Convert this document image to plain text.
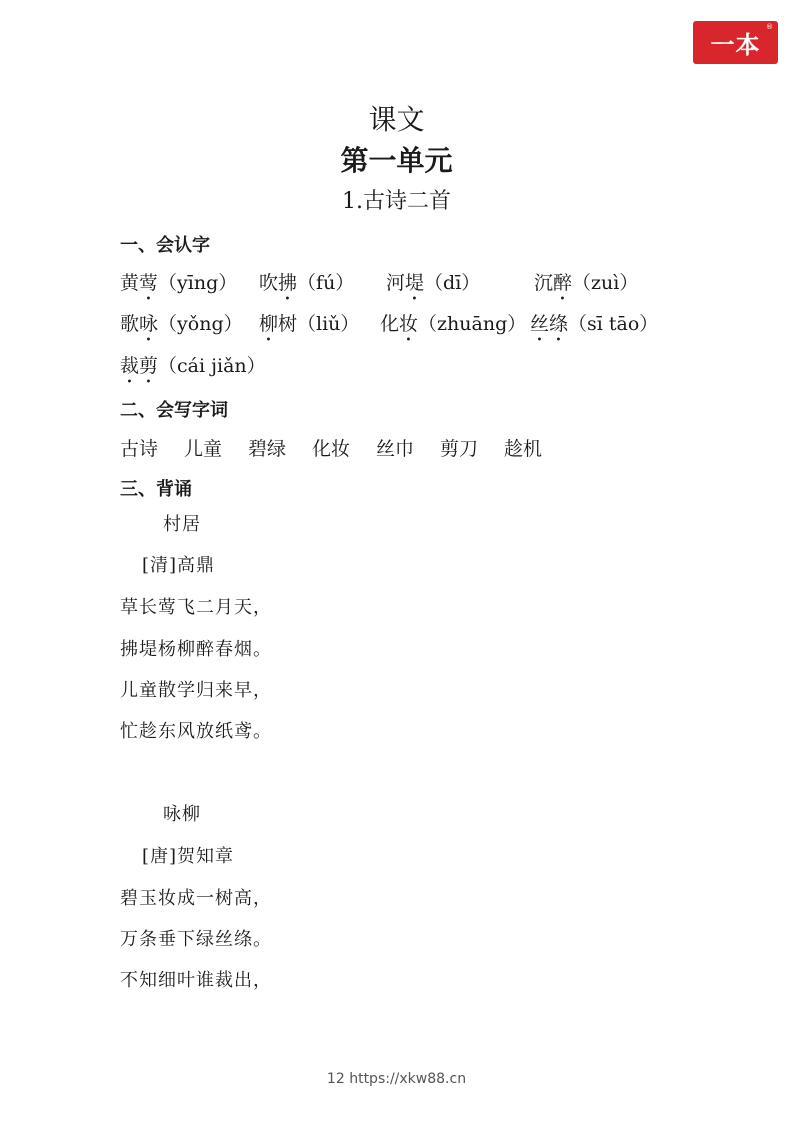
一本
®
课文
第一单元
1.古诗二首
一、会认字
黄莺（yīng） 吹拂（fú） 河堤（dī）	沉醉（zuì）
歌咏（yǒng） 柳树（liǔ） 化妆（zhuāng） 丝绦（sī tāo）
裁剪（cái jiǎn）
二、会写字词
古诗 儿童 碧绿 化妆 丝巾 剪刀 趁机
三、背诵
村居
[清]高鼎
草长莺飞二月天，
拂堤杨柳醉春烟。
儿童散学归来早，
忙趁东风放纸鸢。
咏柳
[唐]贺知章
碧玉妆成一树高，
万条垂下绿丝绦。
不知细叶谁裁出，
12 https://xkw88.cn
